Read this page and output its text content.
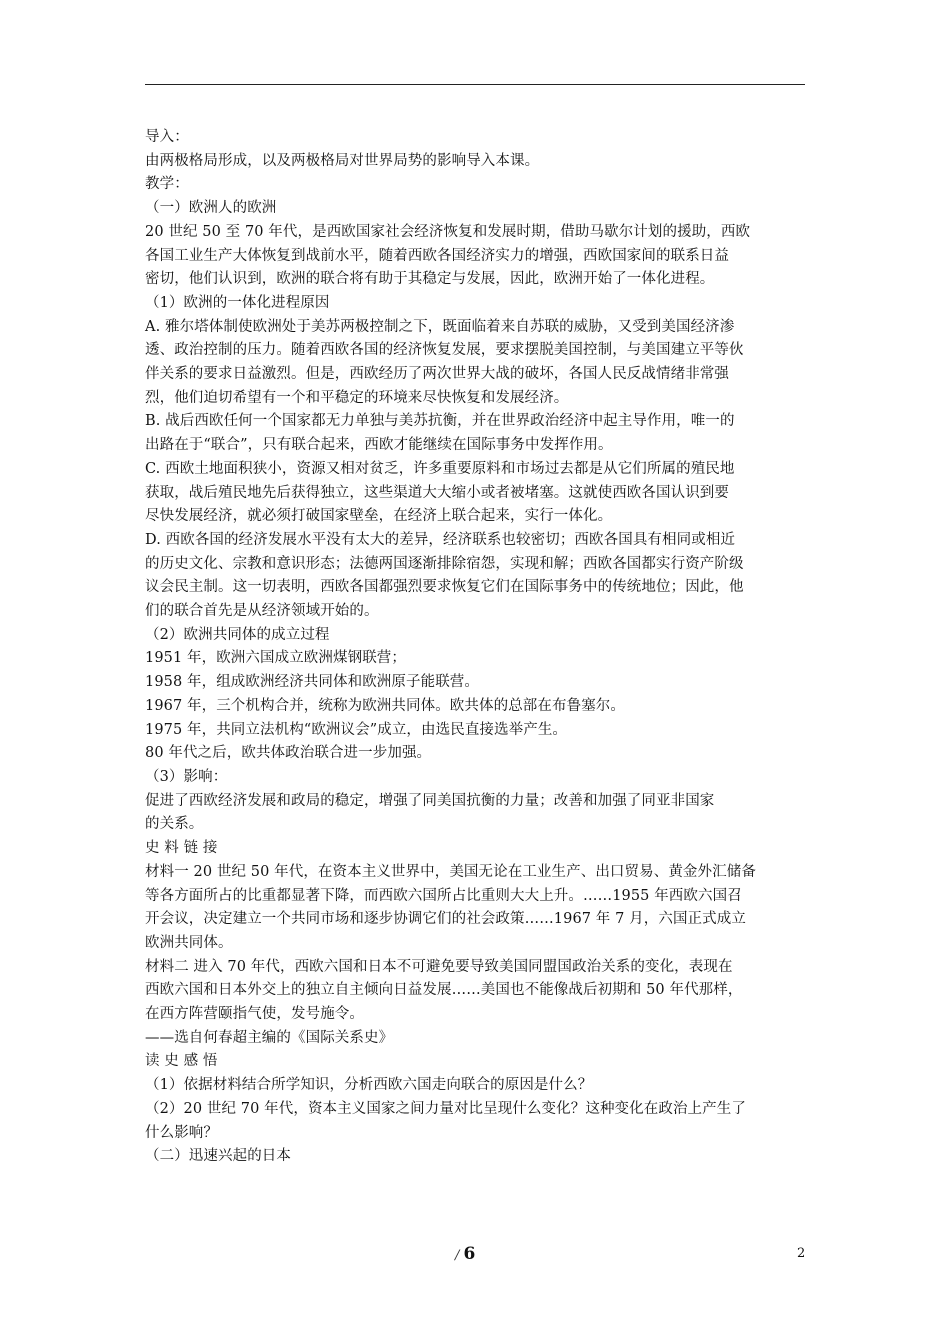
导入：
由两极格局形成，以及两极格局对世界局势的影响导入本课。
教学：
（一）欧洲人的欧洲
20 世纪 50 至 70 年代，是西欧国家社会经济恢复和发展时期，借助马歇尔计划的援助，西欧
各国工业生产大体恢复到战前水平，随着西欧各国经济实力的增强，西欧国家间的联系日益
密切，他们认识到，欧洲的联合将有助于其稳定与发展，因此，欧洲开始了一体化进程。
（1）欧洲的一体化进程原因
A. 雅尔塔体制使欧洲处于美苏两极控制之下，既面临着来自苏联的威胁，又受到美国经济渗
透、政治控制的压力。随着西欧各国的经济恢复发展，要求摆脱美国控制，与美国建立平等伙
伴关系的要求日益激烈。但是，西欧经历了两次世界大战的破坏，各国人民反战情绪非常强
烈，他们迫切希望有一个和平稳定的环境来尽快恢复和发展经济。
B. 战后西欧任何一个国家都无力单独与美苏抗衡，并在世界政治经济中起主导作用，唯一的
出路在于“联合”，只有联合起来，西欧才能继续在国际事务中发挥作用。
C. 西欧土地面积狭小，资源又相对贫乏，许多重要原料和市场过去都是从它们所属的殖民地
获取，战后殖民地先后获得独立，这些渠道大大缩小或者被堵塞。这就使西欧各国认识到要
尽快发展经济，就必须打破国家壁垒，在经济上联合起来，实行一体化。
D. 西欧各国的经济发展水平没有太大的差异，经济联系也较密切；西欧各国具有相同或相近
的历史文化、宗教和意识形态；法德两国逐渐排除宿怨，实现和解；西欧各国都实行资产阶级
议会民主制。这一切表明，西欧各国都强烈要求恢复它们在国际事务中的传统地位；因此，他
们的联合首先是从经济领域开始的。
（2）欧洲共同体的成立过程
1951 年，欧洲六国成立欧洲煤钢联营；
1958 年，组成欧洲经济共同体和欧洲原子能联营。
1967 年，三个机构合并，统称为欧洲共同体。欧共体的总部在布鲁塞尔。
1975 年，共同立法机构“欧洲议会”成立，由选民直接选举产生。
80 年代之后，欧共体政治联合进一步加强。
（3）影响：
促进了西欧经济发展和政局的稳定，增强了同美国抗衡的力量；改善和加强了同亚非国家
的关系。
史 料 链 接
材料一 20 世纪 50 年代，在资本主义世界中，美国无论在工业生产、出口贸易、黄金外汇储备
等各方面所占的比重都显著下降，而西欧六国所占比重则大大上升。……1955 年西欧六国召
开会议，决定建立一个共同市场和逐步协调它们的社会政策……1967 年 7 月，六国正式成立
欧洲共同体。
材料二 进入 70 年代，西欧六国和日本不可避免要导致美国同盟国政治关系的变化，表现在
西欧六国和日本外交上的独立自主倾向日益发展……美国也不能像战后初期和 50 年代那样，
在西方阵营颐指气使，发号施令。
——选自何春超主编的《国际关系史》
读 史 感 悟
（1）依据材料结合所学知识，分析西欧六国走向联合的原因是什么？
（2）20 世纪 70 年代，资本主义国家之间力量对比呈现什么变化？这种变化在政治上产生了
什么影响？
（二）迅速兴起的日本
/ 6	2
